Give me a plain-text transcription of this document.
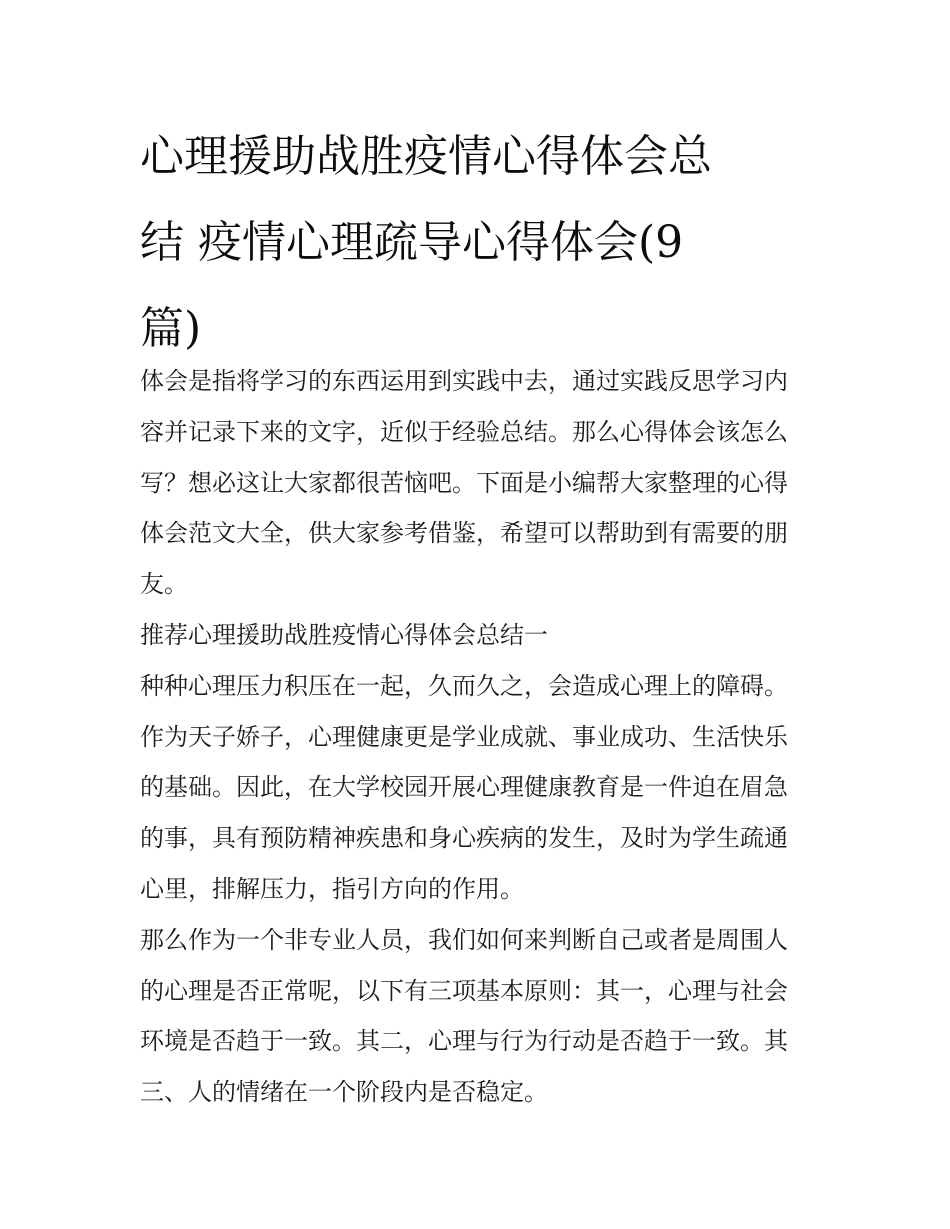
心理援助战胜疫情心得体会总
结 疫情心理疏导心得体会(9
篇)
体会是指将学习的东西运用到实践中去，通过实践反思学习内
容并记录下来的文字，近似于经验总结。那么心得体会该怎么
写？想必这让大家都很苦恼吧。下面是小编帮大家整理的心得
体会范文大全，供大家参考借鉴，希望可以帮助到有需要的朋
友。
推荐心理援助战胜疫情心得体会总结一
种种心理压力积压在一起，久而久之，会造成心理上的障碍。
作为天子娇子，心理健康更是学业成就、事业成功、生活快乐
的基础。因此，在大学校园开展心理健康教育是一件迫在眉急
的事，具有预防精神疾患和身心疾病的发生，及时为学生疏通
心里，排解压力，指引方向的作用。
那么作为一个非专业人员，我们如何来判断自己或者是周围人
的心理是否正常呢，以下有三项基本原则：其一，心理与社会
环境是否趋于一致。其二，心理与行为行动是否趋于一致。其
三、人的情绪在一个阶段内是否稳定。
